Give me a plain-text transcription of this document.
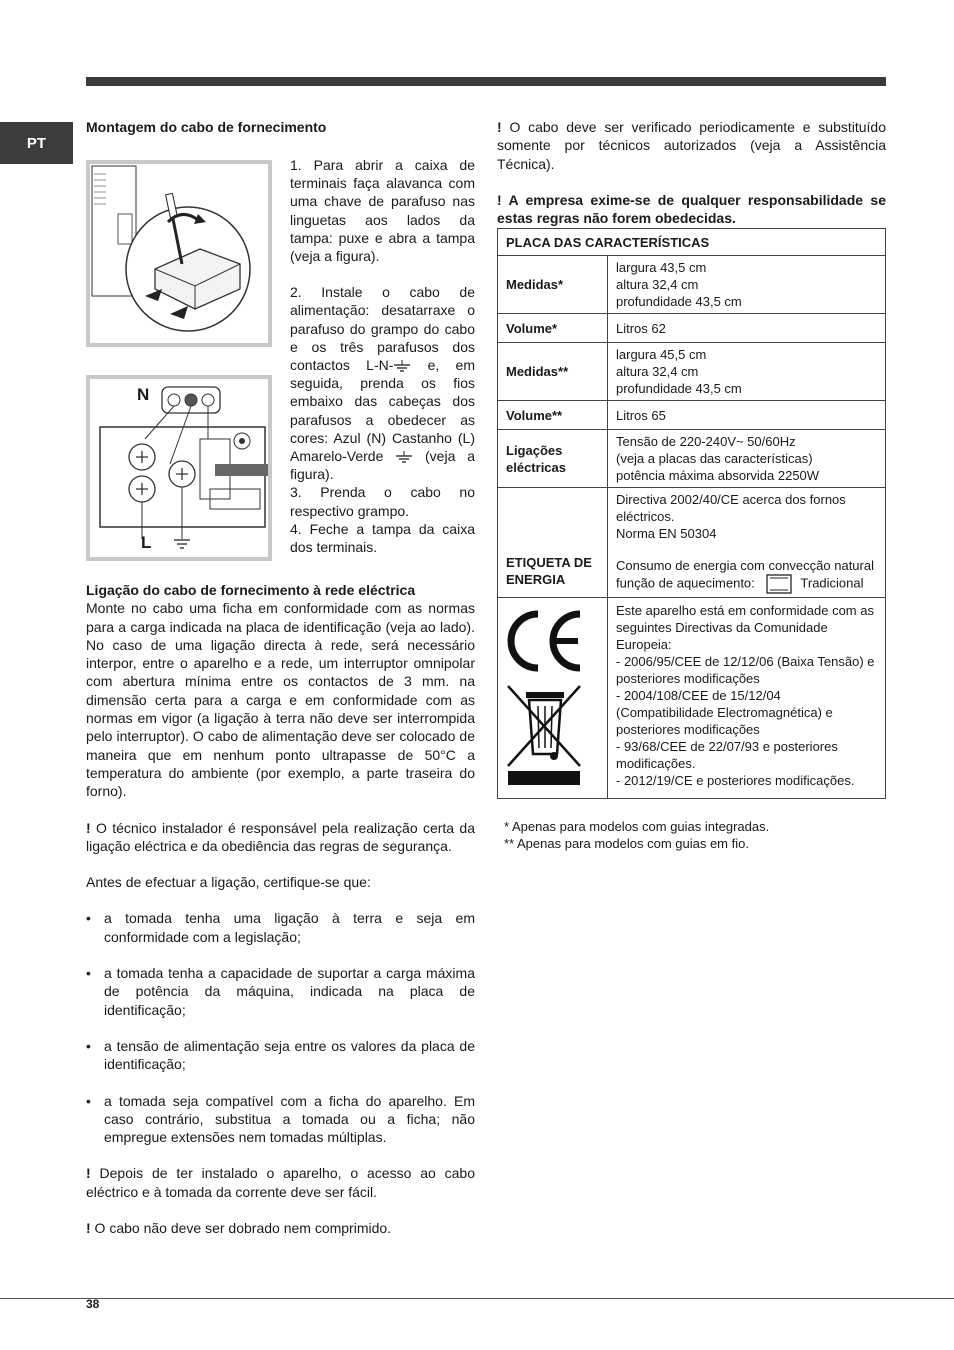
PT
Montagem do cabo de fornecimento
N
L

1. Para abrir a caixa de terminais faça alavanca com uma chave de parafuso nas linguetas aos lados da tampa: puxe e abra a tampa (veja a figura).

2. Instale o cabo de alimentação: desatarraxe o parafuso do grampo do cabo e os três parafusos dos contactos L-N- e, em seguida, prenda os fios embaixo das cabeças dos parafusos a obedecer as cores: Azul (N) Castanho (L) Amarelo-Verde  (veja a figura).

3. Prenda o cabo no respectivo grampo.

4. Feche a tampa da caixa dos terminais.

Ligação do cabo de fornecimento à rede eléctrica

Monte no cabo uma ficha em conformidade com as normas para a carga indicada na placa de identificação (veja ao lado). No caso de uma ligação directa à rede, será necessário interpor, entre o aparelho e a rede, um interruptor omnipolar com abertura mínima entre os contactos de 3 mm. na dimensão certa para a carga e em conformidade com as normas em vigor (a ligação à terra não deve ser interrompida pelo interruptor). O cabo de alimentação deve ser colocado de maneira que em nenhum ponto ultrapasse de 50°C a temperatura do ambiente (por exemplo, a parte traseira do forno).

! O técnico instalador é responsável pela realização certa da ligação eléctrica e da obediência das regras de segurança.

Antes de efectuar a ligação, certifique-se que:

• a tomada tenha uma ligação à terra e seja em conformidade com a legislação;
• a tomada tenha a capacidade de suportar a carga máxima de potência da máquina, indicada na placa de identificação;
• a tensão de alimentação seja entre os valores da placa de identificação;
• a tomada seja compatível com a ficha do aparelho. Em caso contrário, substitua a tomada ou a ficha; não empregue extensões nem tomadas múltiplas.

! Depois de ter instalado o aparelho, o acesso ao cabo eléctrico e à tomada da corrente deve ser fácil.

! O cabo não deve ser dobrado nem comprimido.

! O cabo deve ser verificado periodicamente e substituído somente por técnicos autorizados (veja a Assistência Técnica).

! A empresa exime-se de qualquer responsabilidade se estas regras não forem obedecidas.

PLACA DAS CARACTERÍSTICAS	
Medidas*	largura 43,5 cm
altura 32,4 cm
profundidade 43,5 cm

Volume*	Litros 62
Medidas**	largura 45,5 cm
altura 32,4 cm
profundidade 43,5 cm

Volume**	Litros 65
Ligações eléctricas	Tensão de 220-240V~ 50/60Hz
(veja a placas das características)
potência máxima absorvida 2250W

ETIQUETA DE ENERGIA	Directiva 2002/40/CE acerca dos fornos eléctricos.
Norma EN 50304
Consumo de energia com convecção natural função de aquecimento: Tradicional

Este aparelho está em conformidade com as seguintes Directivas da Comunidade Europeia:
- 2006/95/CEE de 12/12/06 (Baixa Tensão) e posteriores modificações
- 2004/108/CEE de 15/12/04 (Compatibilidade Electromagnética) e posteriores modificações
- 93/68/CEE de 22/07/93 e posteriores modificações.
- 2012/19/CE e posteriores modificações.
* Apenas para modelos com guias integradas.
** Apenas para modelos com guias em fio.
38
